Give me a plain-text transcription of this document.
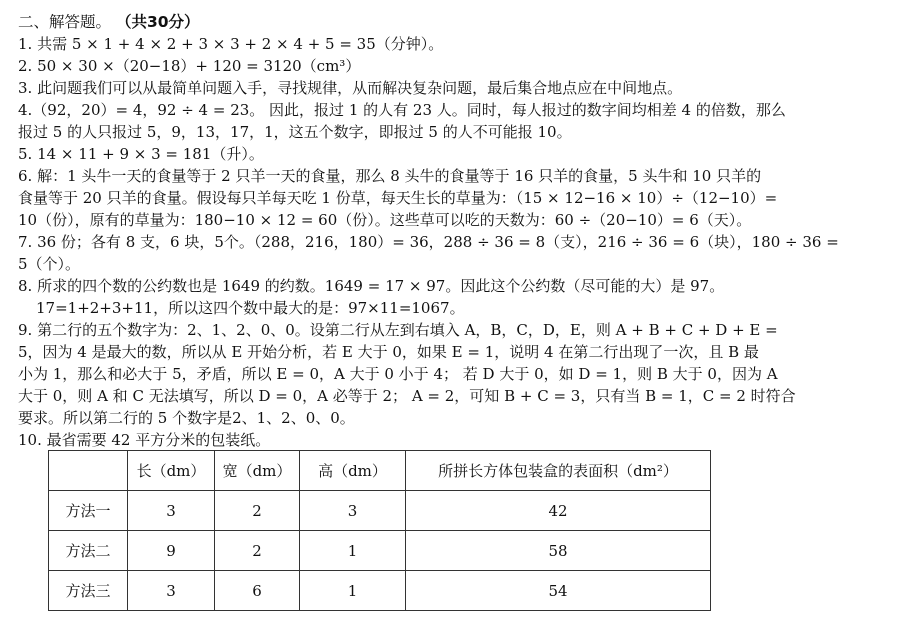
二、解答题。 （共30分）
1. 共需 5 × 1 + 4 × 2 + 3 × 3 + 2 × 4 + 5 = 35（分钟）。
2. 50 × 30 ×（20−18）+ 120 = 3120（cm³）
3. 此问题我们可以从最简单问题入手，寻找规律，从而解决复杂问题，最后集合地点应在中间地点。
4.（92，20）= 4，92 ÷ 4 = 23。 因此，报过 1 的人有 23 人。同时，每人报过的数字间均相差 4 的倍数，那么
报过 5 的人只报过 5，9，13，17，1，这五个数字，即报过 5 的人不可能报 10。
5. 14 × 11 + 9 × 3 = 181（升）。
6. 解：1 头牛一天的食量等于 2 只羊一天的食量，那么 8 头牛的食量等于 16 只羊的食量，5 头牛和 10 只羊的
食量等于 20 只羊的食量。假设每只羊每天吃 1 份草，每天生长的草量为：（15 × 12−16 × 10）÷（12−10）=
10（份），原有的草量为：180−10 × 12 = 60（份）。这些草可以吃的天数为：60 ÷（20−10）= 6（天）。
7. 36 份；各有 8 支，6 块，5个。（288，216，180）= 36，288 ÷ 36 = 8（支），216 ÷ 36 = 6（块），180 ÷ 36 =
5（个）。
8. 所求的四个数的公约数也是 1649 的约数。1649 = 17 × 97。因此这个公约数（尽可能的大）是 97。
17=1+2+3+11，所以这四个数中最大的是：97×11=1067。
9. 第二行的五个数字为：2、1、2、0、0。设第二行从左到右填入 A，B，C，D，E，则 A + B + C + D + E =
5，因为 4 是最大的数，所以从 E 开始分析，若 E 大于 0，如果 E = 1，说明 4 在第二行出现了一次，且 B 最
小为 1，那么和必大于 5，矛盾，所以 E = 0，A 大于 0 小于 4； 若 D 大于 0，如 D = 1，则 B 大于 0，因为 A
大于 0，则 A 和 C 无法填写，所以 D = 0，A 必等于 2； A = 2，可知 B + C = 3，只有当 B = 1，C = 2 时符合
要求。所以第二行的 5 个数字是2、1、2、0、0。
10. 最省需要 42 平方分米的包装纸。
	长（dm）	宽（dm）	高（dm）	所拼长方体包装盒的表面积（dm²）
方法一	3	2	3	42
方法二	9	2	1	58
方法三	3	6	1	54
